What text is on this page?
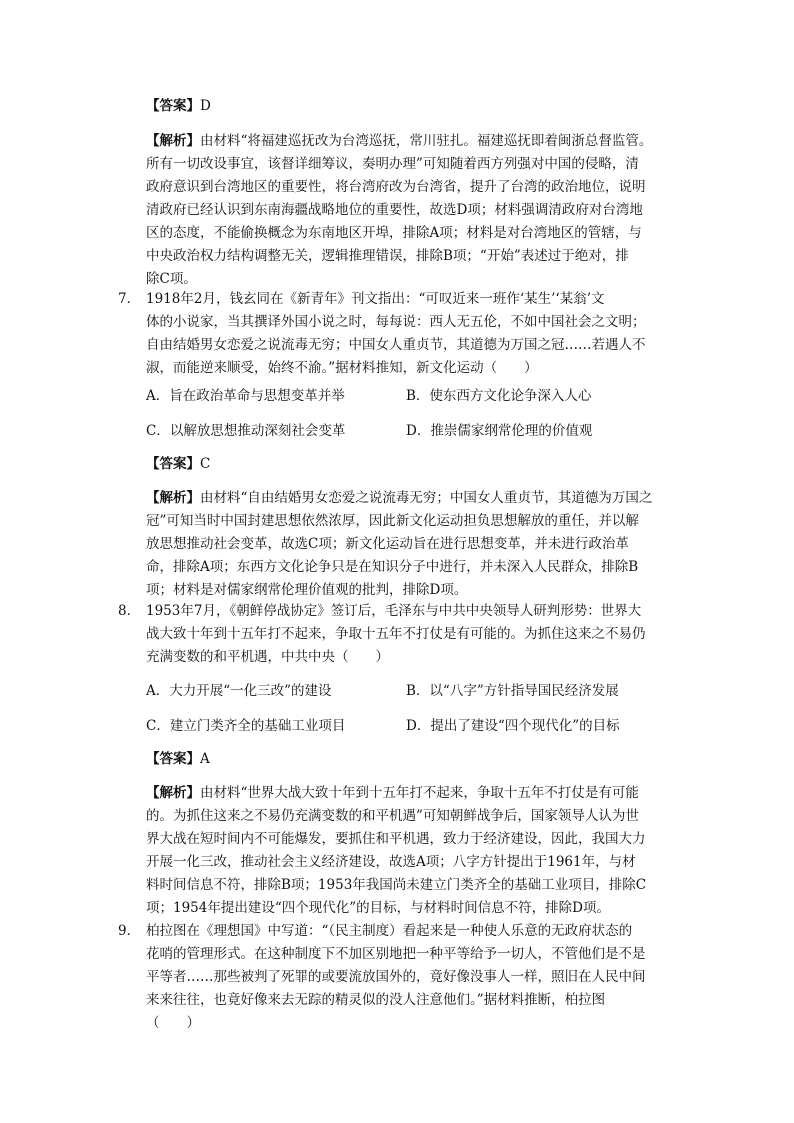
【答案】D
【解析】由材料“将福建巡抚改为台湾巡抚，常川驻扎。福建巡抚即着闽浙总督监管。
所有一切改设事宜，该督详细筹议，奏明办理”可知随着西方列强对中国的侵略，清
政府意识到台湾地区的重要性，将台湾府改为台湾省，提升了台湾的政治地位，说明
清政府已经认识到东南海疆战略地位的重要性，故选D项；材料强调清政府对台湾地
区的态度，不能偷换概念为东南地区开埠，排除A项；材料是对台湾地区的管辖，与
中央政治权力结构调整无关，逻辑推理错误，排除B项；“开始”表述过于绝对，排
除C项。
7． 1918年2月，钱玄同在《新青年》刊文指出：“可叹近来一班作‘某生’‘某翁’文
体的小说家，当其撰译外国小说之时，每每说：西人无五伦，不如中国社会之文明；
自由结婚男女恋爱之说流毒无穷；中国女人重贞节，其道德为万国之冠……若遇人不
淑，而能逆来顺受，始终不渝。”据材料推知，新文化运动（　　）
A．旨在政治革命与思想变革并举	B．使东西方文化论争深入人心
C．以解放思想推动深刻社会变革	D．推崇儒家纲常伦理的价值观
【答案】C
【解析】由材料“自由结婚男女恋爱之说流毒无穷；中国女人重贞节，其道德为万国之
冠”可知当时中国封建思想依然浓厚，因此新文化运动担负思想解放的重任，并以解
放思想推动社会变革，故选C项；新文化运动旨在进行思想变革，并未进行政治革
命，排除A项；东西方文化论争只是在知识分子中进行，并未深入人民群众，排除B
项；材料是对儒家纲常伦理价值观的批判，排除D项。
8． 1953年7月，《朝鲜停战协定》签订后，毛泽东与中共中央领导人研判形势：世界大
战大致十年到十五年打不起来，争取十五年不打仗是有可能的。为抓住这来之不易仍
充满变数的和平机遇，中共中央（　　）
A．大力开展“一化三改”的建设	B．以“八字”方针指导国民经济发展
C．建立门类齐全的基础工业项目	D．提出了建设“四个现代化”的目标
【答案】A
【解析】由材料“世界大战大致十年到十五年打不起来，争取十五年不打仗是有可能
的。为抓住这来之不易仍充满变数的和平机遇”可知朝鲜战争后，国家领导人认为世
界大战在短时间内不可能爆发，要抓住和平机遇，致力于经济建设，因此，我国大力
开展一化三改，推动社会主义经济建设，故选A项；八字方针提出于1961年，与材
料时间信息不符，排除B项；1953年我国尚未建立门类齐全的基础工业项目，排除C
项；1954年提出建设“四个现代化”的目标，与材料时间信息不符，排除D项。
9． 柏拉图在《理想国》中写道：“（民主制度）看起来是一种使人乐意的无政府状态的
花哨的管理形式。在这种制度下不加区别地把一种平等给予一切人，不管他们是不是
平等者……那些被判了死罪的或要流放国外的，竟好像没事人一样，照旧在人民中间
来来往往，也竟好像来去无踪的精灵似的没人注意他们。”据材料推断，柏拉图
（　　）
